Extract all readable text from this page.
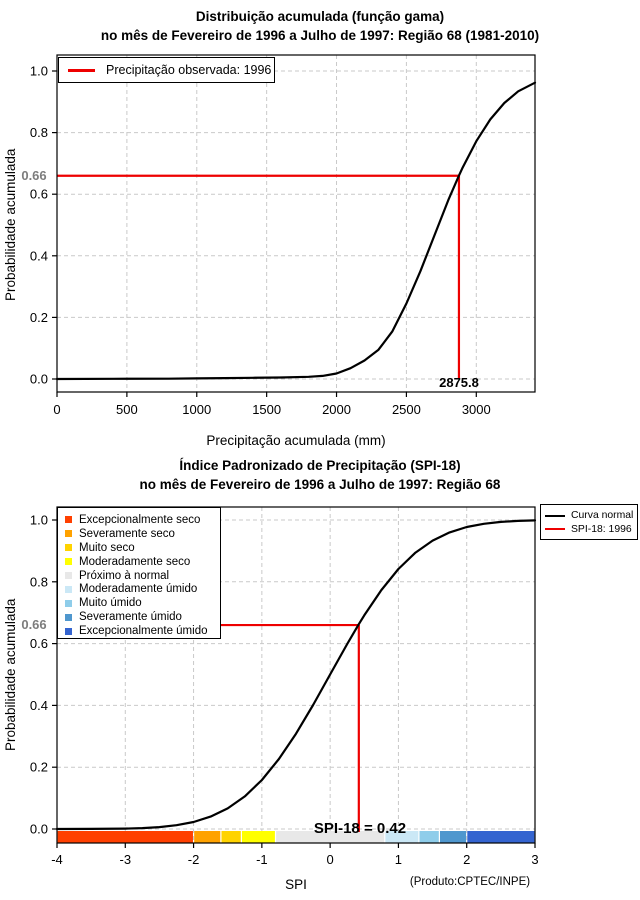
Distribuição acumulada (função gama)
no mês de Fevereiro de 1996 a Julho de 1997: Região 68 (1981-2010)
0	500	1000	1500	2000	2500	3000
0.0
0.2
0.4
0.6
0.8
1.0
Probabilidade acumulada
Precipitação acumulada (mm)
0.66
2875.8
Precipitação observada: 1996
Índice Padronizado de Precipitação (SPI-18)
no mês de Fevereiro de 1996 a Julho de 1997: Região 68
-4	-3	-2	-1	0	1	2	3
0.0
0.2
0.4
0.6
0.8
1.0
Probabilidade acumulada
SPI
0.66
SPI-18 = 0.42
(Produto:CPTEC/INPE)
Excepcionalmente seco
Severamente seco
Muito seco
Moderadamente seco
Próximo à normal
Moderadamente úmido
Muito úmido
Severamente úmido
Excepcionalmente úmido
Curva normal
SPI-18: 1996
